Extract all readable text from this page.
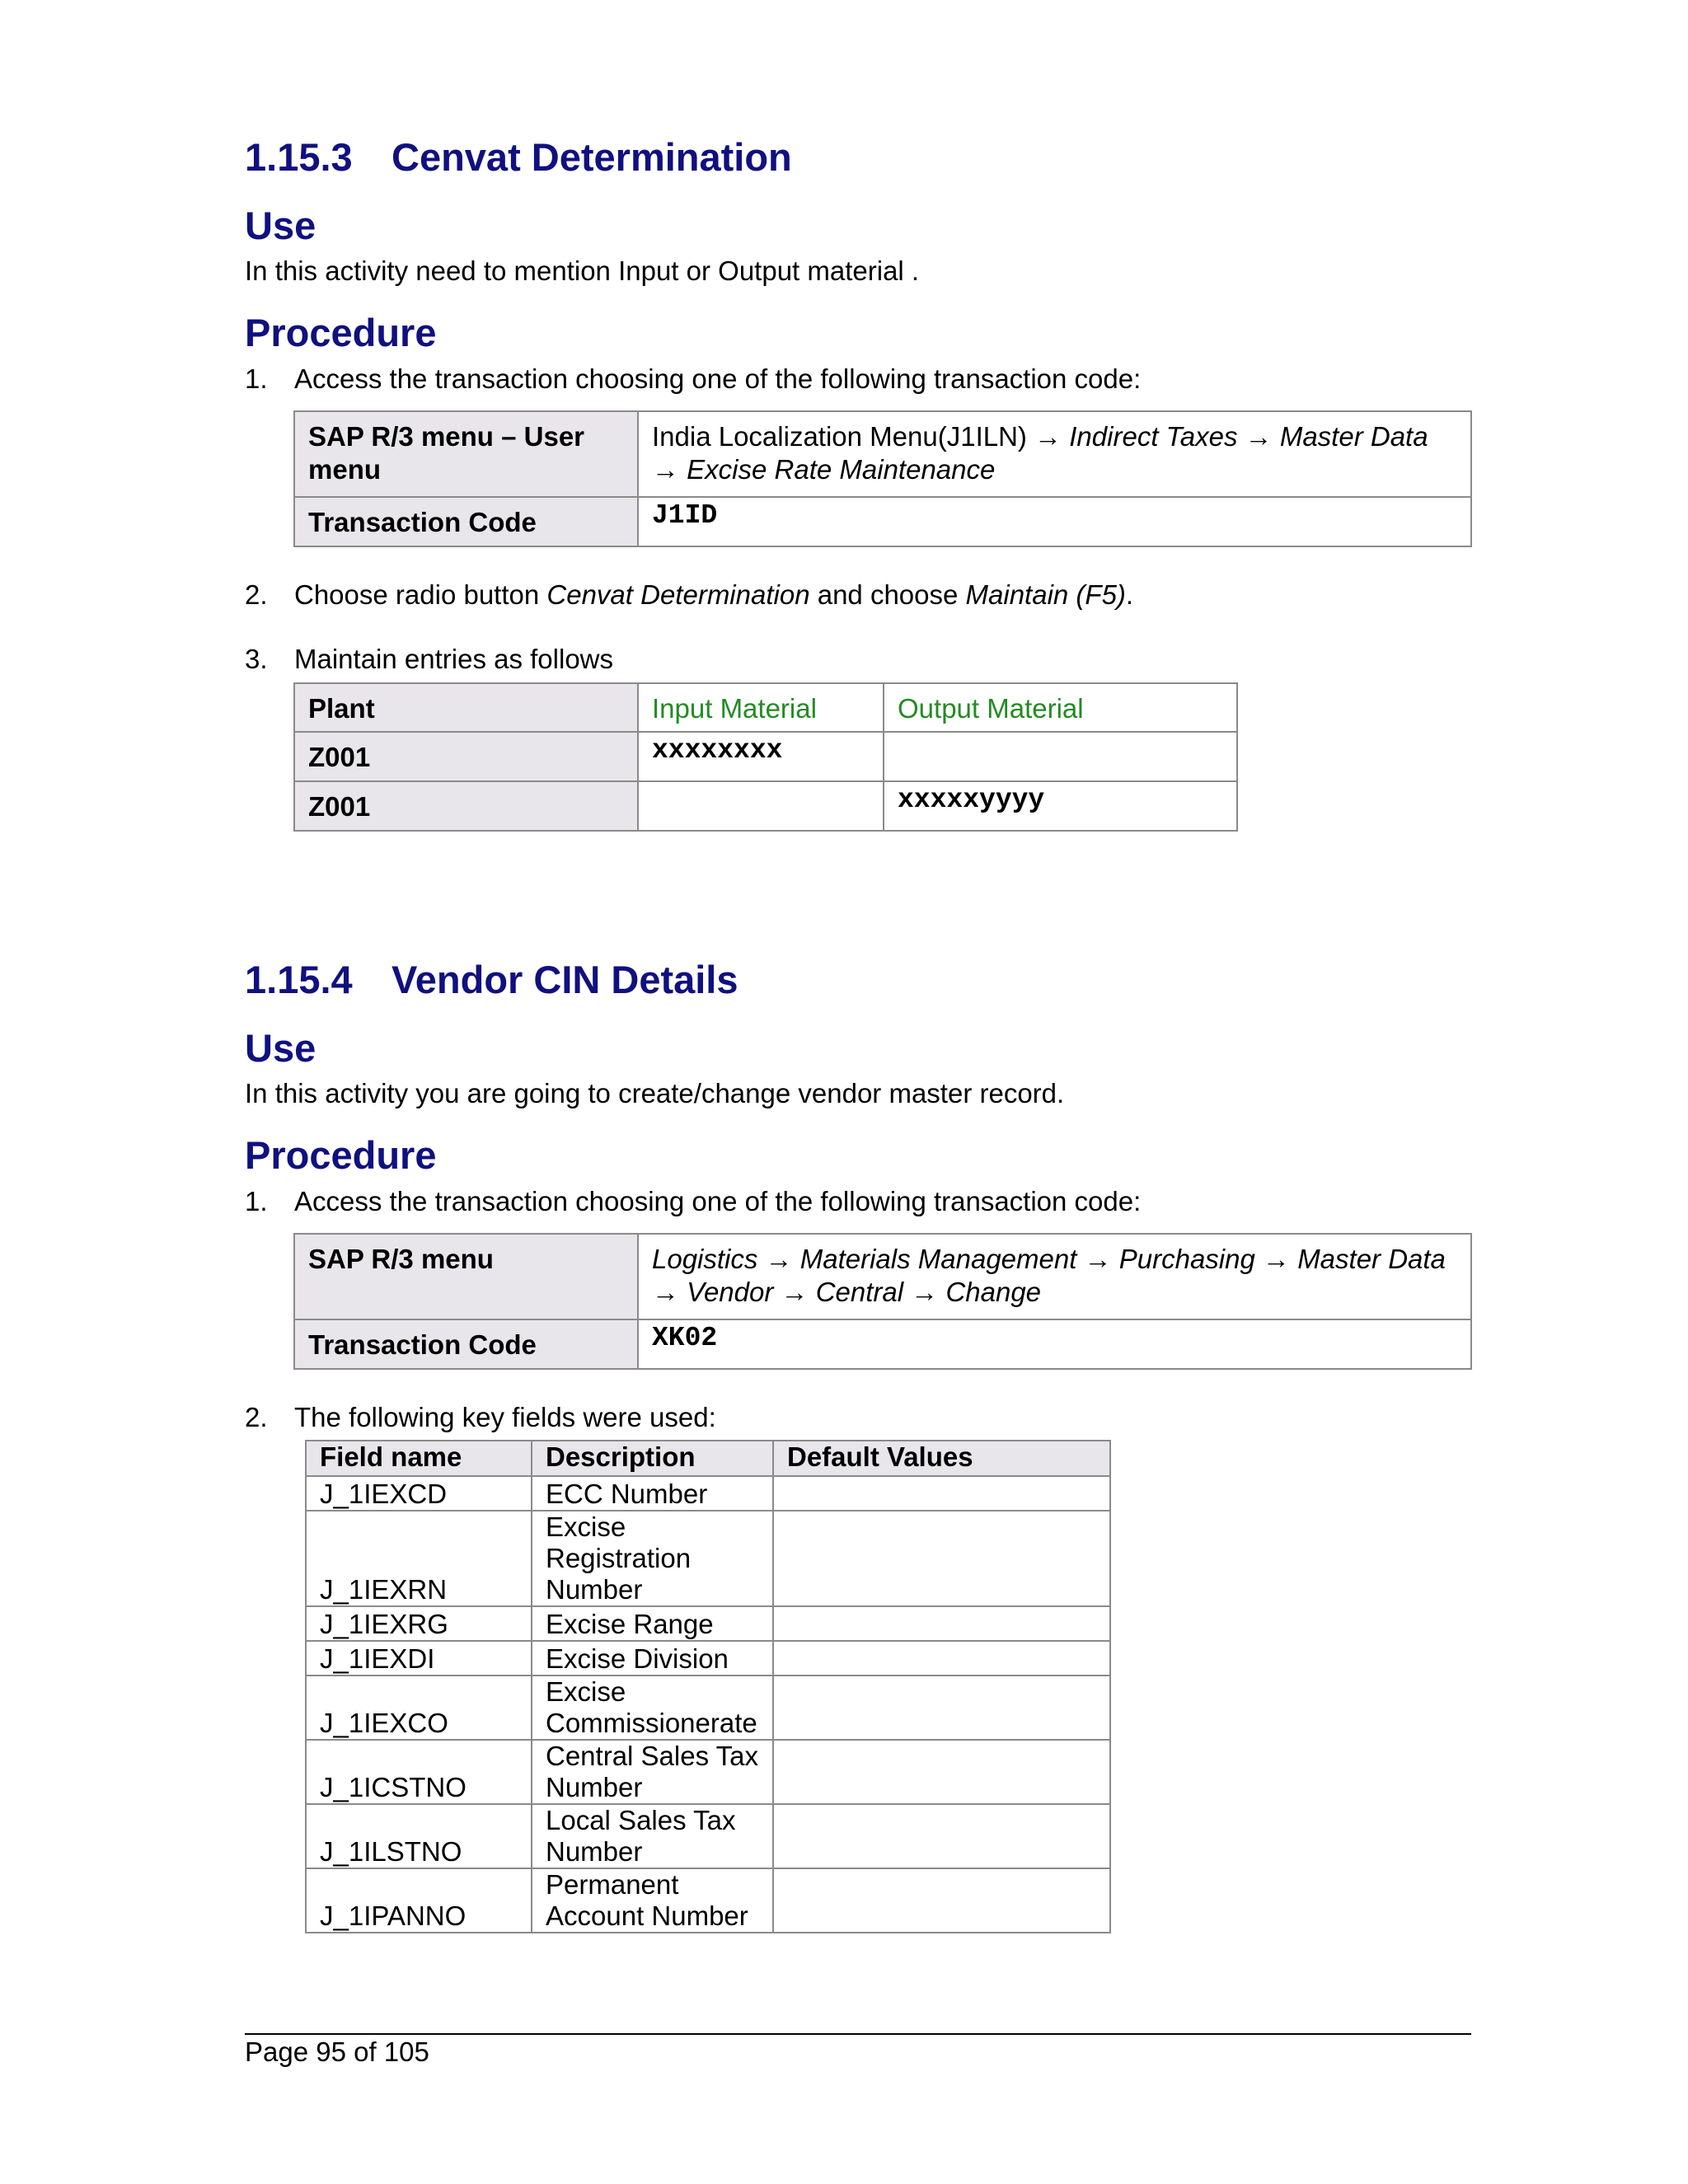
1.15.3 Cenvat Determination
Use
In this activity need to mention Input or Output material .
Procedure
1. Access the transaction choosing one of the following transaction code:
SAP R/3 menu – User menu	India Localization Menu(J1ILN) → Indirect Taxes → Master Data
→ Excise Rate Maintenance
Transaction Code	J1ID
2. Choose radio button Cenvat Determination and choose Maintain (F5).
3. Maintain entries as follows
Plant	Input Material	Output Material
Z001	xxxxxxxx	
Z001		xxxxxyyyy
1.15.4 Vendor CIN Details
Use
In this activity you are going to create/change vendor master record.
Procedure
1. Access the transaction choosing one of the following transaction code:
SAP R/3 menu	Logistics → Materials Management → Purchasing → Master Data
→ Vendor → Central → Change
Transaction Code	XK02
2. The following key fields were used:
Field name	Description	Default Values
J_1IEXCD	ECC Number	
J_1IEXRN	Excise Registration Number	
J_1IEXRG	Excise Range	
J_1IEXDI	Excise Division	
J_1IEXCO	Excise Commissionerate	
J_1ICSTNO	Central Sales Tax Number	
J_1ILSTNO	Local Sales Tax Number	
J_1IPANNO	Permanent Account Number	
Page 95 of 105
